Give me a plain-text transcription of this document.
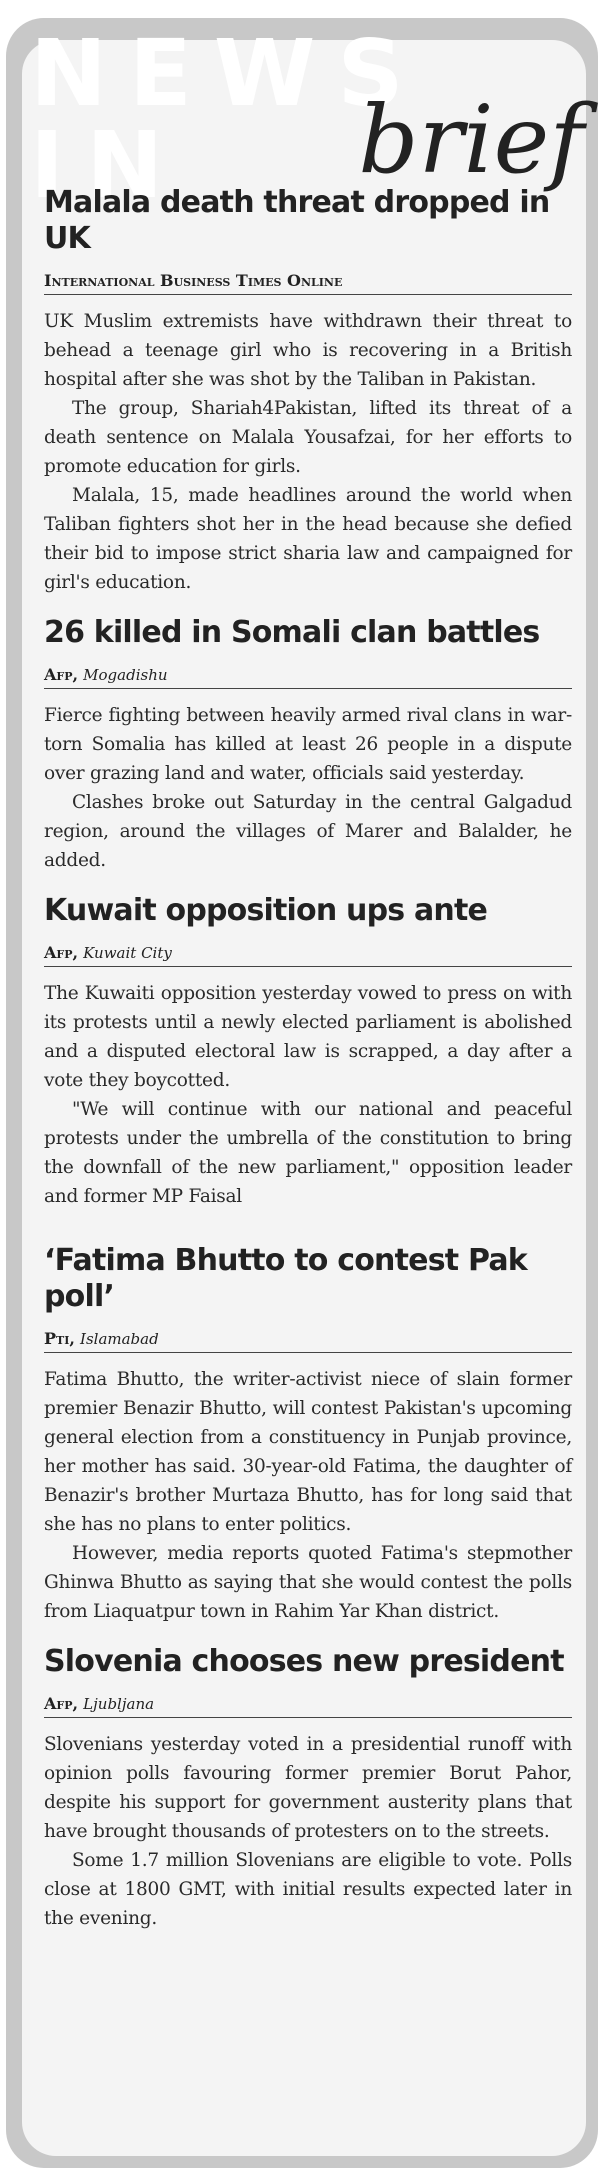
NEWS IN	brief
Malala death threat dropped in UK
International Business Times Online

UK Muslim extremists have withdrawn their threat to behead a teenage girl who is recovering in a British hospital after she was shot by the Taliban in Pakistan.

The group, Shariah4Pakistan, lifted its threat of a death sentence on Malala Yousafzai, for her efforts to promote education for girls.

Malala, 15, made headlines around the world when Taliban fighters shot her in the head because she defied their bid to impose strict sharia law and campaigned for girl's education.

26 killed in Somali clan battles
Afp, Mogadishu

Fierce fighting between heavily armed rival clans in war-torn Somalia has killed at least 26 people in a dispute over grazing land and water, officials said yesterday.

Clashes broke out Saturday in the central Galgadud region, around the villages of Marer and Balalder, he added.

Kuwait opposition ups ante
Afp, Kuwait City

The Kuwaiti opposition yesterday vowed to press on with its protests until a newly elected parliament is abolished and a disputed electoral law is scrapped, a day after a vote they boycotted.

"We will continue with our national and peaceful protests under the umbrella of the constitution to bring the downfall of the new parliament," opposition leader and former MP Faisal

‘Fatima Bhutto to contest Pak poll’
Pti, Islamabad

Fatima Bhutto, the writer-activist niece of slain former premier Benazir Bhutto, will contest Pakistan's upcoming general election from a constituency in Punjab province, her mother has said. 30-year-old Fatima, the daughter of Benazir's brother Murtaza Bhutto, has for long said that she has no plans to enter politics.

However, media reports quoted Fatima's stepmother Ghinwa Bhutto as saying that she would contest the polls from Liaquatpur town in Rahim Yar Khan district.

Slovenia chooses new president
Afp, Ljubljana

Slovenians yesterday voted in a presidential runoff with opinion polls favouring former premier Borut Pahor, despite his support for government austerity plans that have brought thousands of protesters on to the streets.

Some 1.7 million Slovenians are eligible to vote. Polls close at 1800 GMT, with initial results expected later in the evening.
